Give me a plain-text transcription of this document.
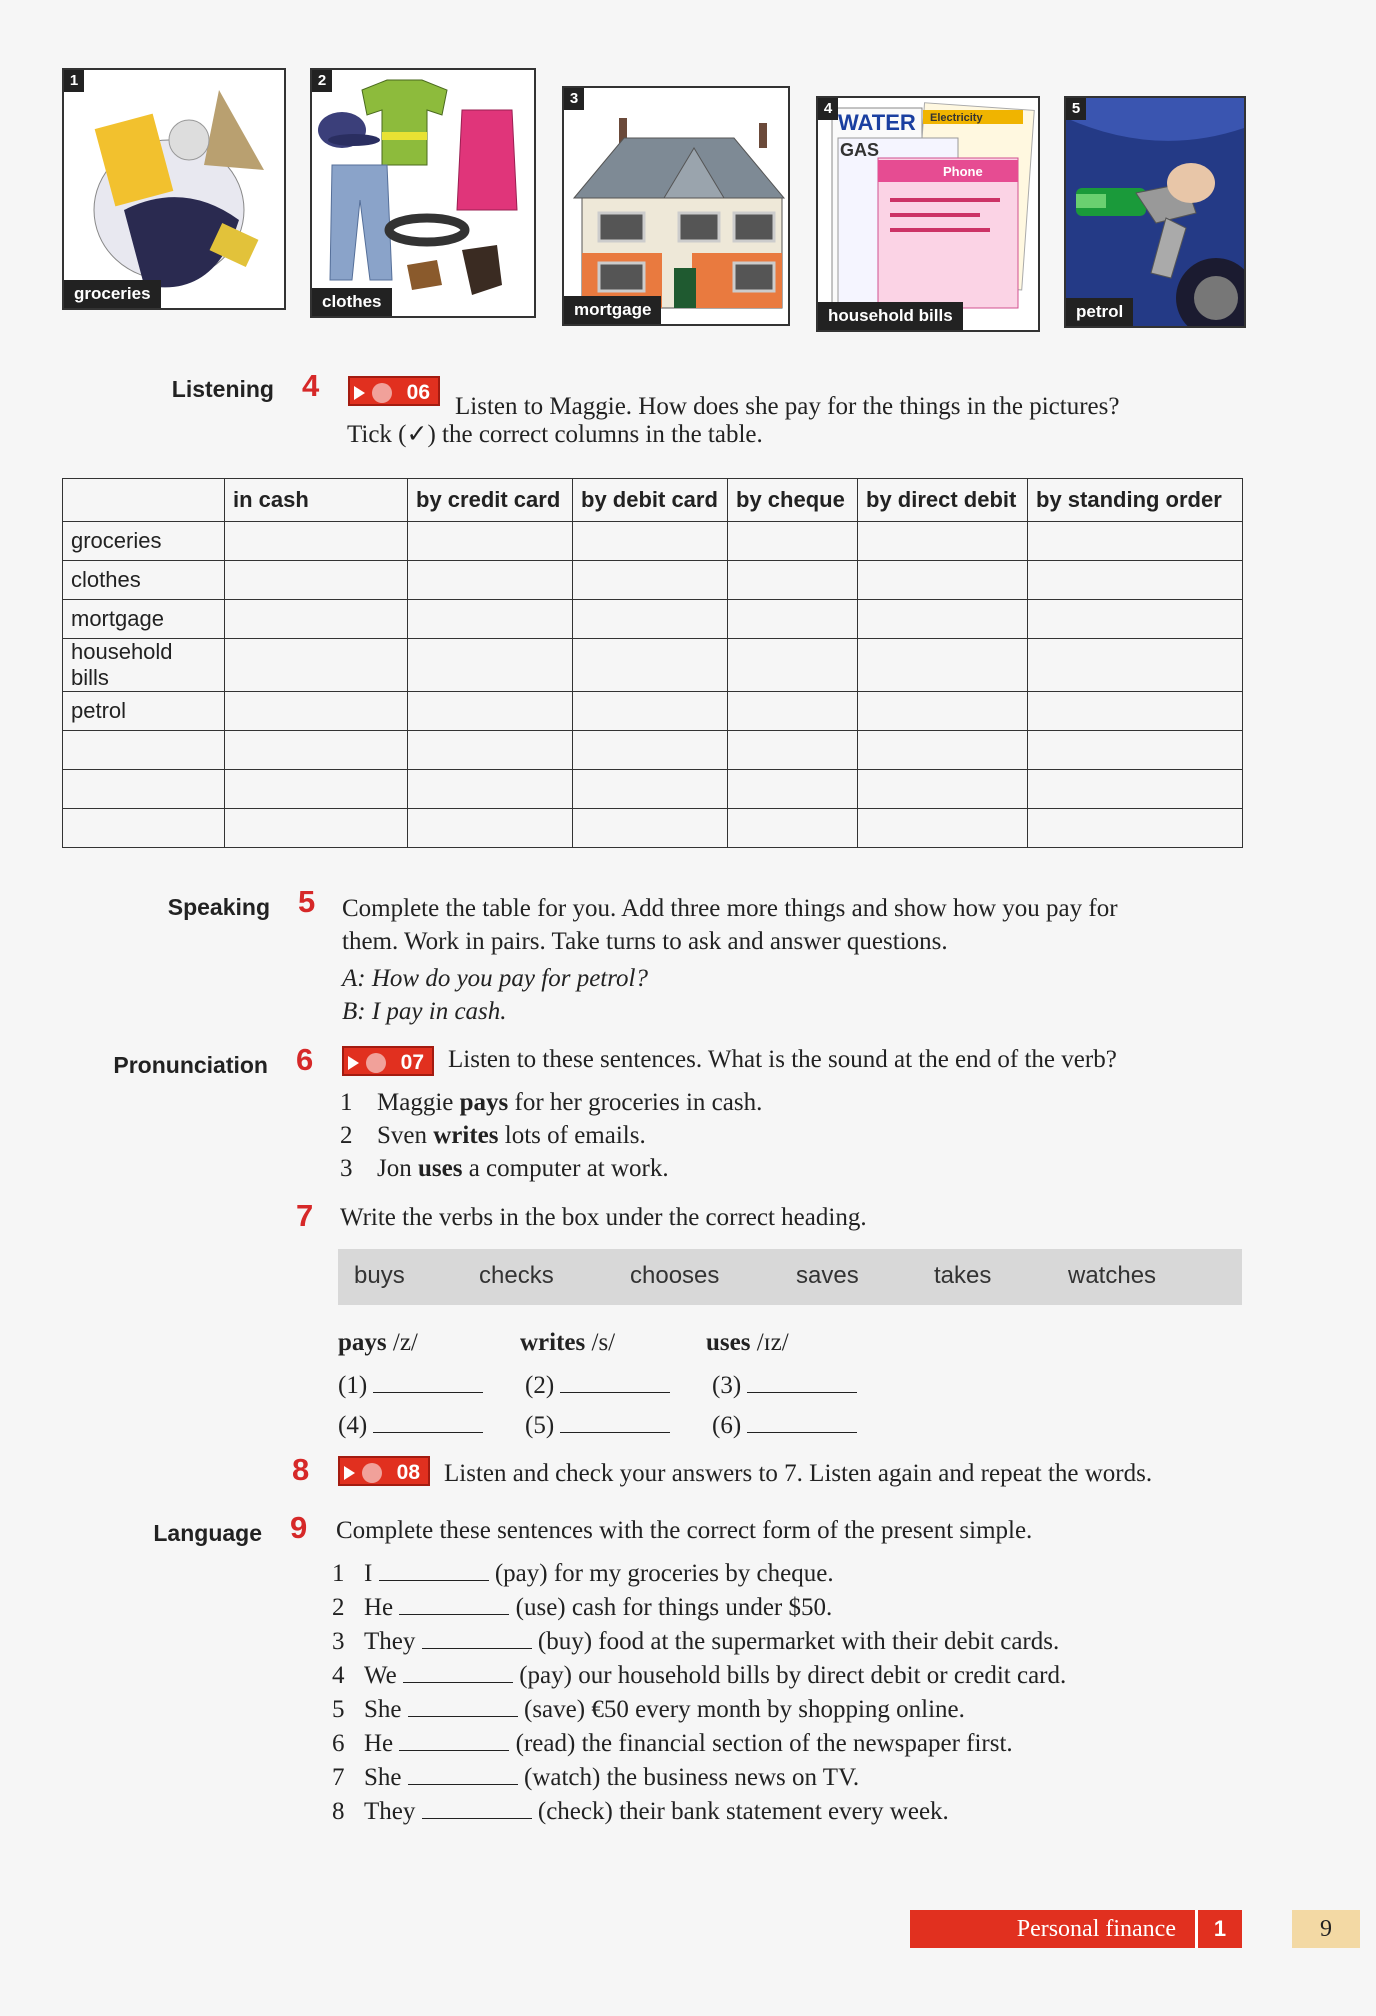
1
groceries
2
clothes
3
mortgage
4
WATER Electricity
GAS
Phone
household bills
5
petrol
Listening 4	06
Listen to Maggie. How does she pay for the things in the pictures?
Tick (✓) the correct columns in the table.
	in cash	by credit card	by debit card	by cheque	by direct debit	by standing order
groceries						
clothes						
mortgage						
household bills						
petrol						

Speaking 5 Complete the table for you. Add three more things and show how you pay for
them. Work in pairs. Take turns to ask and answer questions.
A: How do you pay for petrol?
B: I pay in cash.
Pronunciation 6	07 Listen to these sentences. What is the sound at the end of the verb?
1 Maggie pays for her groceries in cash.
2 Sven writes lots of emails.
3 Jon uses a computer at work.
7 Write the verbs in the box under the correct heading.
buys	checks	chooses	saves	takes	watches
pays /z/	writes /s/	uses /ɪz/
(1)	(2)	(3)
(4)	(5)	(6)
8	08 Listen and check your answers to 7. Listen again and repeat the words.
Language 9 Complete these sentences with the correct form of the present simple.
1 I	(pay) for my groceries by cheque.
2 He	(use) cash for things under $50.
3 They	(buy) food at the supermarket with their debit cards.
4 We	(pay) our household bills by direct debit or credit card.
5 She	(save) €50 every month by shopping online.
6 He	(read) the financial section of the newspaper first.
7 She	(watch) the business news on TV.
8 They	(check) their bank statement every week.
Personal finance	1	9
